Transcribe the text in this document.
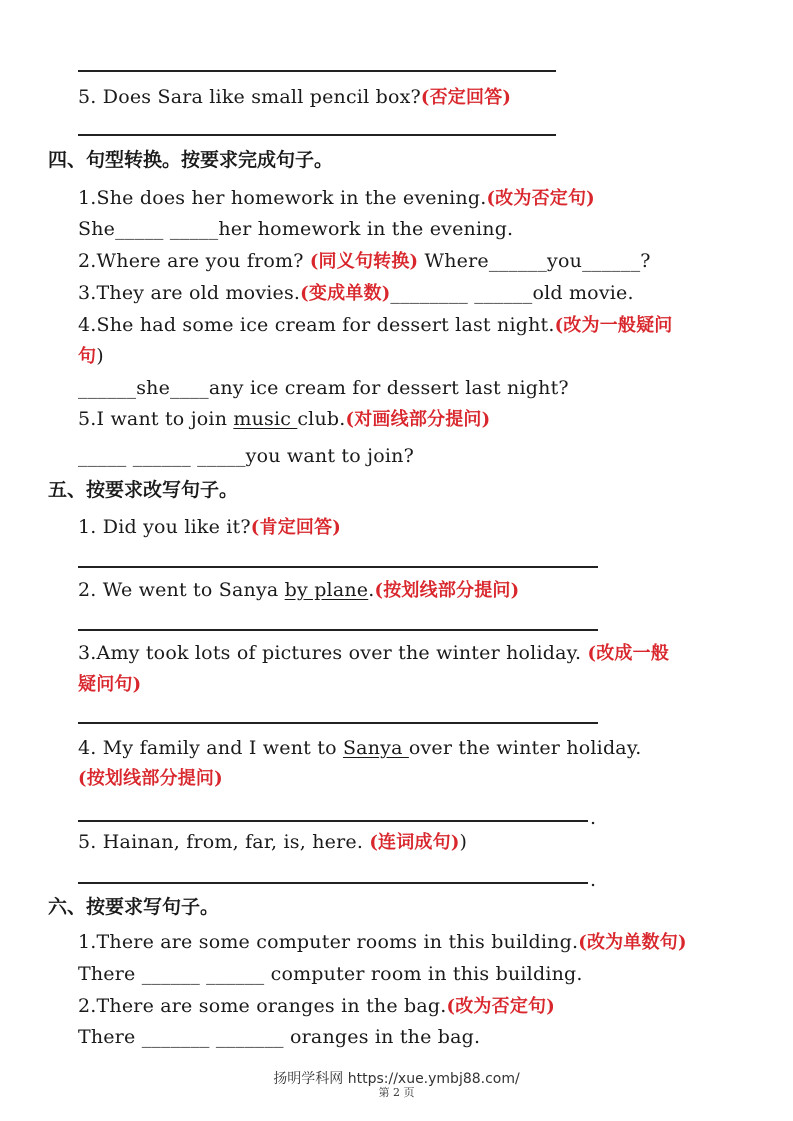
5. Does Sara like small pencil box?(否定回答)
四、句型转换。按要求完成句子。
1.She does her homework in the evening.(改为否定句)
She_____ _____her homework in the evening.
2.Where are you from? (同义句转换) Where______you______?
3.They are old movies.(变成单数)________ ______old movie.
4.She had some ice cream for dessert last night.(改为一般疑问
句)
______she____any ice cream for dessert last night?
5.I want to join music club.(对画线部分提问)
_____ ______ _____you want to join?
五、按要求改写句子。
1. Did you like it?(肯定回答)
2. We went to Sanya by plane.(按划线部分提问)
3.Amy took lots of pictures over the winter holiday. (改成一般
疑问句)
4. My family and I went to Sanya over the winter holiday.
(按划线部分提问)
.
5. Hainan, from, far, is, here. (连词成句))
.
六、按要求写句子。
1.There are some computer rooms in this building.(改为单数句)
There ______ ______ computer room in this building.
2.There are some oranges in the bag.(改为否定句)
There _______ _______ oranges in the bag.
扬明学科网 https://xue.ymbj88.com/
第 2 页
